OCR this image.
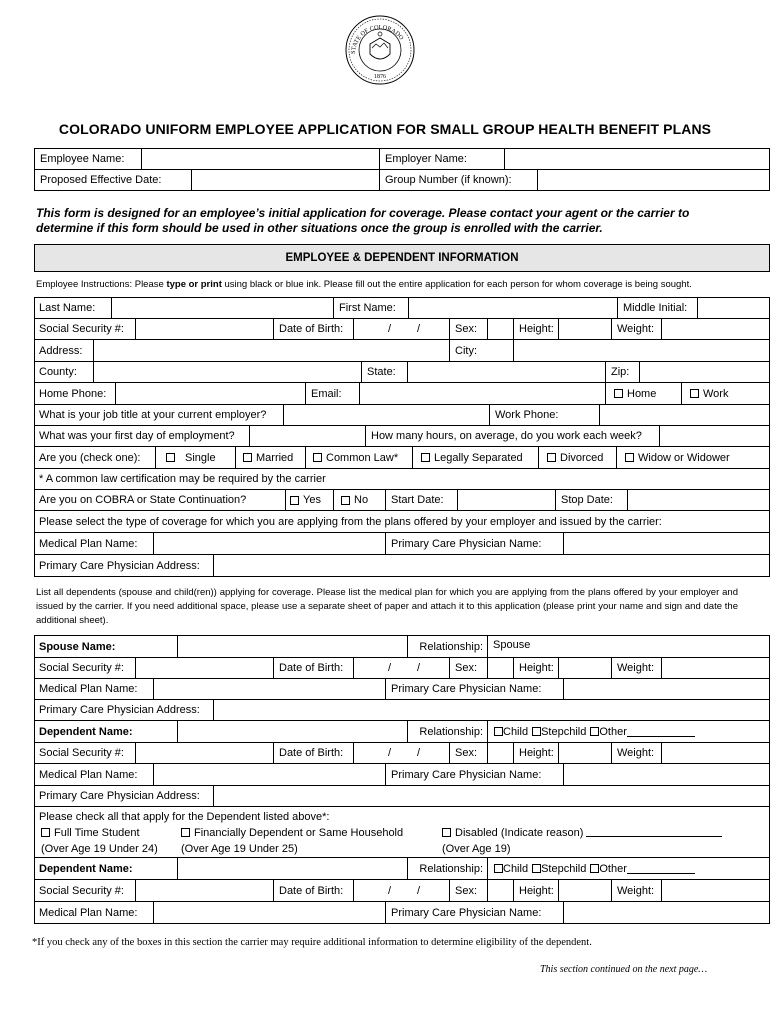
STATE OF COLORADO
1876
COLORADO UNIFORM EMPLOYEE APPLICATION FOR SMALL GROUP HEALTH BENEFIT PLANS
Employee Name:	Employer Name:
Proposed Effective Date:	Group Number (if known):
This form is designed for an employee’s initial application for coverage. Please contact your agent or the carrier to determine if this form should be used in other situations once the group is enrolled with the carrier.
EMPLOYEE & DEPENDENT INFORMATION
Employee Instructions: Please type or print using black or blue ink. Please fill out the entire application for each person for whom coverage is being sought.
Last Name:	First Name:	Middle Initial:
Social Security #:	Date of Birth:	/ /	Sex:	Height:	Weight:
Address:	City:
County:	State:	Zip:
Home Phone:	Email:	Home	Work
What is your job title at your current employer?	Work Phone:
What was your first day of employment?	How many hours, on average, do you work each week?
Are you (check one):	Single	Married	Common Law*	Legally Separated	Divorced	Widow or Widower
* A common law certification may be required by the carrier
Are you on COBRA or State Continuation?	Yes	No	Start Date:	Stop Date:
Please select the type of coverage for which you are applying from the plans offered by your employer and issued by the carrier:
Medical Plan Name:	Primary Care Physician Name:
Primary Care Physician Address:
List all dependents (spouse and child(ren)) applying for coverage. Please list the medical plan for which you are applying from the plans offered by your employer and issued by the carrier. If you need additional space, please use a separate sheet of paper and attach it to this application (please print your name and sign and date the additional sheet).
Spouse Name:	Relationship: Spouse
Social Security #:	Date of Birth:	/ /	Sex:	Height:	Weight:
Medical Plan Name:	Primary Care Physician Name:
Primary Care Physician Address:
Dependent Name:	Relationship:	Child Stepchild Other
Social Security #:	Date of Birth:	/ /	Sex:	Height:	Weight:
Medical Plan Name:	Primary Care Physician Name:
Primary Care Physician Address:
Please check all that apply for the Dependent listed above*:
Full Time Student	Financially Dependent or Same Household	Disabled (Indicate reason)
(Over Age 19 Under 24) (Over Age 19 Under 25)	(Over Age 19)
Dependent Name:	Relationship:	Child Stepchild Other
Social Security #:	Date of Birth:	/ /	Sex:	Height:	Weight:
Medical Plan Name:	Primary Care Physician Name:
*If you check any of the boxes in this section the carrier may require additional information to determine eligibility of the dependent.
This section continued on the next page…
